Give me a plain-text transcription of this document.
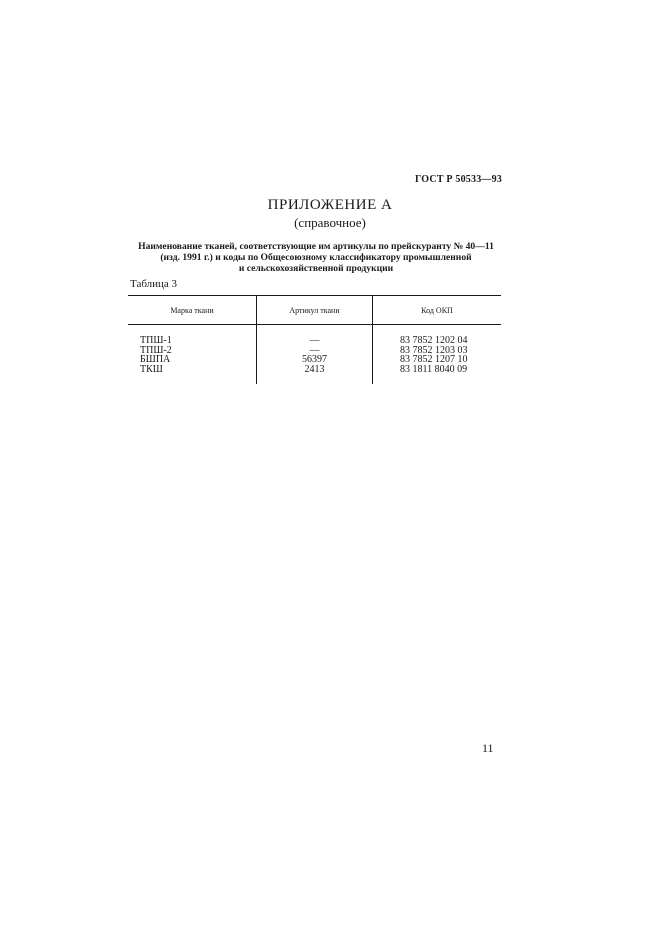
ГОСТ Р 50533—93
ПРИЛОЖЕНИЕ А
(справочное)
Наименование тканей, соответствующие им артикулы по прейскуранту № 40—11
(изд. 1991 г.) и коды по Общесоюзному классификатору промышленной
и сельскохозяйственной продукции
Таблица 3
Марка ткани	Артикул ткани	Код ОКП
ТПШ-1	—	83 7852 1202 04
ТПШ-2	—	83 7852 1203 03
БШПА	56397	83 7852 1207 10
ТКШ	2413	83 1811 8040 09
11
